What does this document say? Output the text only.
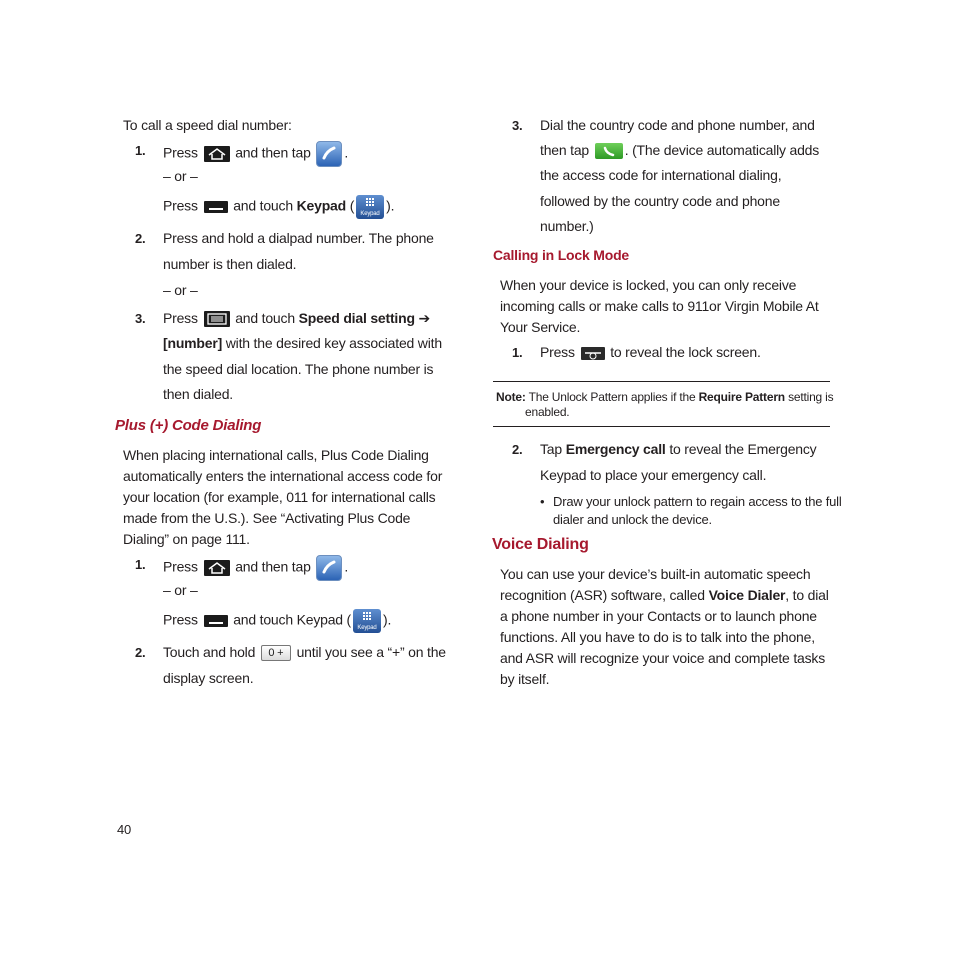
To call a speed dial number:
1. Press	and then tap .
– or –
Press	and touch Keypad (
Keypad
).
2. Press and hold a dialpad number. The phone
number is then dialed.
– or –
3. Press	and touch Speed dial setting ➔
[number] with the desired key associated with
the speed dial location. The phone number is
then dialed.
Plus (+) Code Dialing
When placing international calls, Plus Code Dialing
automatically enters the international access code for
your location (for example, 011 for international calls
made from the U.S.). See “Activating Plus Code
Dialing” on page 111.
1. Press	and then tap .
– or –
Press	and touch Keypad (
Keypad
).
2. Touch and hold 0 + until you see a “+” on the
display screen.
40
3. Dial the country code and phone number, and
then tap	. (The device automatically adds
the access code for international dialing,
followed by the country code and phone
number.)
Calling in Lock Mode
When your device is locked, you can only receive
incoming calls or make calls to 911or Virgin Mobile At
Your Service.
1. Press	to reveal the lock screen.
Note: The Unlock Pattern applies if the Require Pattern setting is
enabled.
2. Tap Emergency call to reveal the Emergency
Keypad to place your emergency call.
• Draw your unlock pattern to regain access to the full
dialer and unlock the device.
Voice Dialing
You can use your device’s built-in automatic speech
recognition (ASR) software, called Voice Dialer, to dial
a phone number in your Contacts or to launch phone
functions. All you have to do is to talk into the phone,
and ASR will recognize your voice and complete tasks
by itself.
